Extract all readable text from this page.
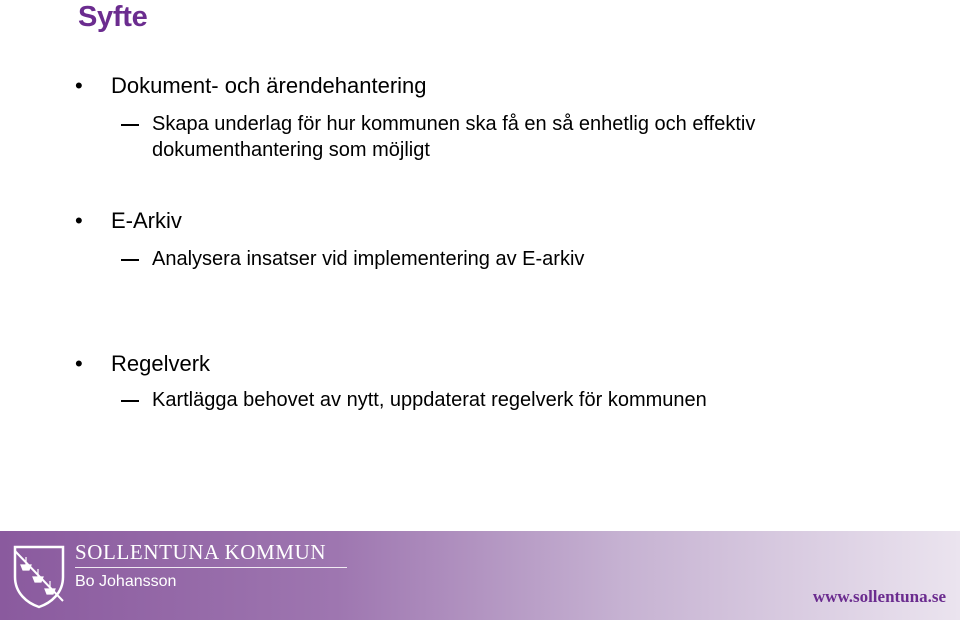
Syfte
• Dokument- och ärendehantering
Skapa underlag för hur kommunen ska få en så enhetlig och effektiv dokumenthantering som möjligt
• E-Arkiv
Analysera insatser vid implementering av E-arkiv
• Regelverk
Kartlägga behovet av nytt, uppdaterat regelverk för kommunen
SOLLENTUNA KOMMUN
Bo Johansson
www.sollentuna.se
